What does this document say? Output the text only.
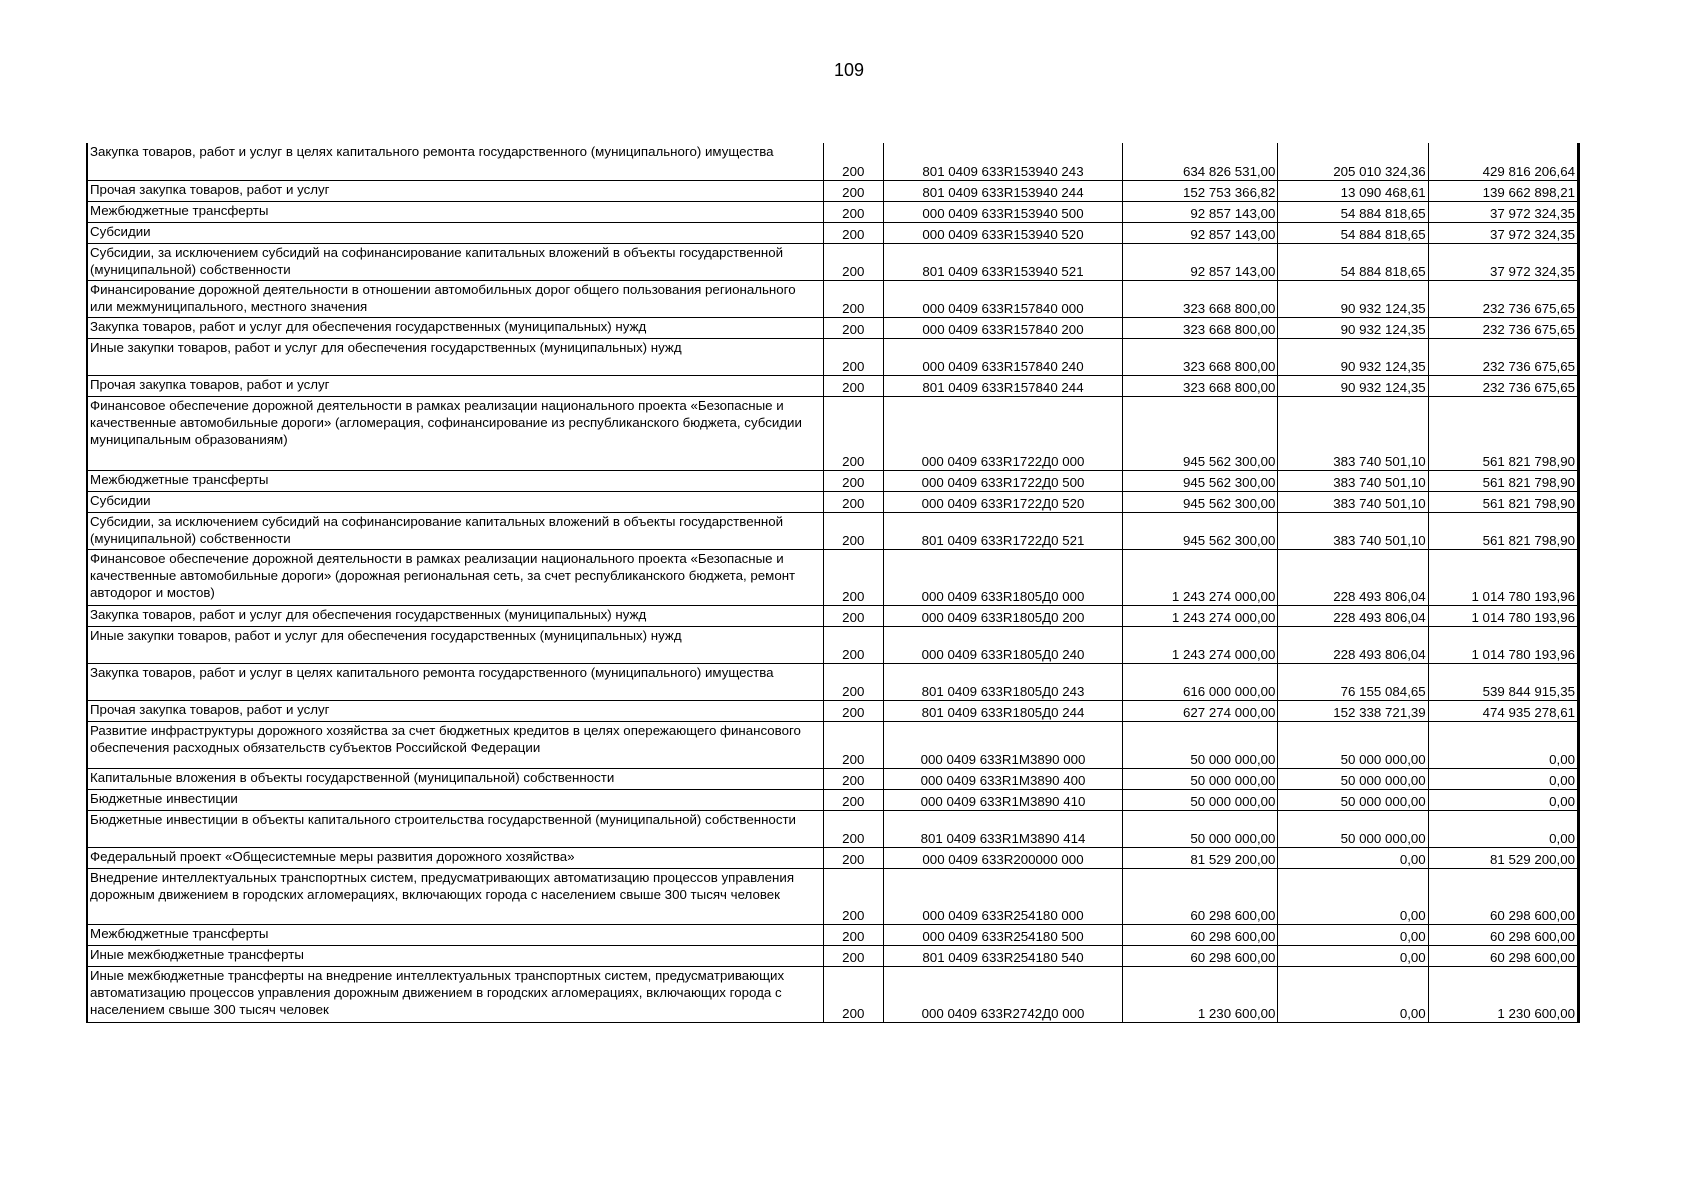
109
Закупка товаров, работ и услуг в целях капитального ремонта государственного (муниципального) имущества	200	801 0409 633R153940 243	634 826 531,00	205 010 324,36	429 816 206,64

Прочая закупка товаров, работ и услуг	200	801 0409 633R153940 244	152 753 366,82	13 090 468,61	139 662 898,21

Межбюджетные трансферты	200	000 0409 633R153940 500	92 857 143,00	54 884 818,65	37 972 324,35

Субсидии	200	000 0409 633R153940 520	92 857 143,00	54 884 818,65	37 972 324,35

Субсидии, за исключением субсидий на софинансирование капитальных вложений в объекты государственной (муниципальной) собственности	200	801 0409 633R153940 521	92 857 143,00	54 884 818,65	37 972 324,35

Финансирование дорожной деятельности в отношении автомобильных дорог общего пользования регионального или межмуниципального, местного значения	200	000 0409 633R157840 000	323 668 800,00	90 932 124,35	232 736 675,65

Закупка товаров, работ и услуг для обеспечения государственных (муниципальных) нужд	200	000 0409 633R157840 200	323 668 800,00	90 932 124,35	232 736 675,65

Иные закупки товаров, работ и услуг для обеспечения государственных (муниципальных) нужд	200	000 0409 633R157840 240	323 668 800,00	90 932 124,35	232 736 675,65

Прочая закупка товаров, работ и услуг	200	801 0409 633R157840 244	323 668 800,00	90 932 124,35	232 736 675,65

Финансовое обеспечение дорожной деятельности в рамках реализации национального проекта «Безопасные и качественные автомобильные дороги» (агломерация, софинансирование из республиканского бюджета, субсидии муниципальным образованиям)	200	000 0409 633R1722Д0 000	945 562 300,00	383 740 501,10	561 821 798,90

Межбюджетные трансферты	200	000 0409 633R1722Д0 500	945 562 300,00	383 740 501,10	561 821 798,90

Субсидии	200	000 0409 633R1722Д0 520	945 562 300,00	383 740 501,10	561 821 798,90

Субсидии, за исключением субсидий на софинансирование капитальных вложений в объекты государственной (муниципальной) собственности	200	801 0409 633R1722Д0 521	945 562 300,00	383 740 501,10	561 821 798,90

Финансовое обеспечение дорожной деятельности в рамках реализации национального проекта «Безопасные и качественные автомобильные дороги» (дорожная региональная сеть, за счет республиканского бюджета, ремонт автодорог и мостов)	200	000 0409 633R1805Д0 000	1 243 274 000,00	228 493 806,04	1 014 780 193,96

Закупка товаров, работ и услуг для обеспечения государственных (муниципальных) нужд	200	000 0409 633R1805Д0 200	1 243 274 000,00	228 493 806,04	1 014 780 193,96

Иные закупки товаров, работ и услуг для обеспечения государственных (муниципальных) нужд	200	000 0409 633R1805Д0 240	1 243 274 000,00	228 493 806,04	1 014 780 193,96

Закупка товаров, работ и услуг в целях капитального ремонта государственного (муниципального) имущества	200	801 0409 633R1805Д0 243	616 000 000,00	76 155 084,65	539 844 915,35

Прочая закупка товаров, работ и услуг	200	801 0409 633R1805Д0 244	627 274 000,00	152 338 721,39	474 935 278,61

Развитие инфраструктуры дорожного хозяйства за счет бюджетных кредитов в целях опережающего финансового обеспечения расходных обязательств субъектов Российской Федерации	200	000 0409 633R1M3890 000	50 000 000,00	50 000 000,00	0,00

Капитальные вложения в объекты государственной (муниципальной) собственности	200	000 0409 633R1M3890 400	50 000 000,00	50 000 000,00	0,00

Бюджетные инвестиции	200	000 0409 633R1M3890 410	50 000 000,00	50 000 000,00	0,00

Бюджетные инвестиции в объекты капитального строительства государственной (муниципальной) собственности	200	801 0409 633R1M3890 414	50 000 000,00	50 000 000,00	0,00

Федеральный проект «Общесистемные меры развития дорожного хозяйства»	200	000 0409 633R200000 000	81 529 200,00	0,00	81 529 200,00

Внедрение интеллектуальных транспортных систем, предусматривающих автоматизацию процессов управления дорожным движением в городских агломерациях, включающих города с населением свыше 300 тысяч человек	200	000 0409 633R254180 000	60 298 600,00	0,00	60 298 600,00

Межбюджетные трансферты	200	000 0409 633R254180 500	60 298 600,00	0,00	60 298 600,00

Иные межбюджетные трансферты	200	801 0409 633R254180 540	60 298 600,00	0,00	60 298 600,00

Иные межбюджетные трансферты на внедрение интеллектуальных транспортных систем, предусматривающих автоматизацию процессов управления дорожным движением в городских агломерациях, включающих города с населением свыше 300 тысяч человек	200	000 0409 633R2742Д0 000	1 230 600,00	0,00	1 230 600,00
